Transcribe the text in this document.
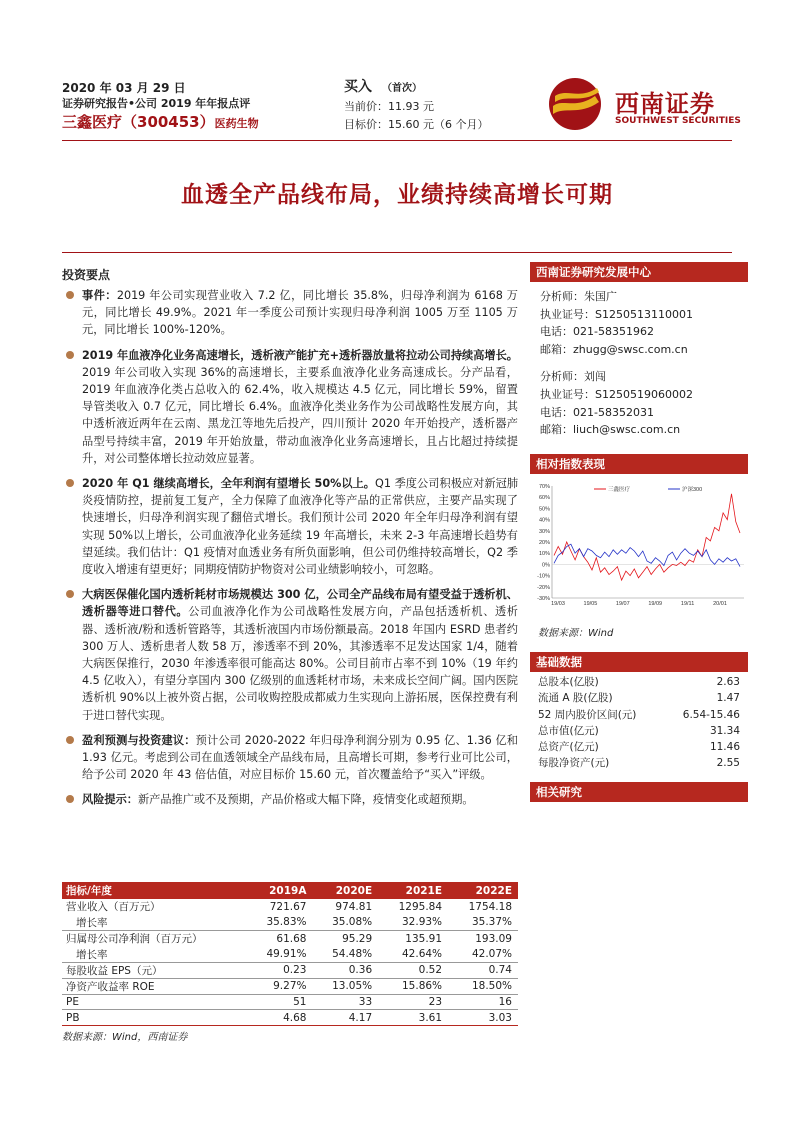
2020 年 03 月 29 日
证券研究报告•公司 2019 年年报点评
三鑫医疗（300453）医药生物
买入 （首次）
当前价：11.93 元
目标价：15.60 元（6 个月）
西南证券
SOUTHWEST SECURITIES
血透全产品线布局，业绩持续高增长可期
投资要点
事件：2019 年公司实现营业收入 7.2 亿，同比增长 35.8%，归母净利润为 6168 万元，同比增长 49.9%。2021 年一季度公司预计实现归母净利润 1005 万至 1105 万元，同比增长 100%-120%。
2019 年血液净化业务高速增长，透析液产能扩充+透析器放量将拉动公司持续高增长。2019 年公司收入实现 36%的高速增长，主要系血液净化业务高速成长。分产品看，2019 年血液净化类占总收入的 62.4%，收入规模达 4.5 亿元，同比增长 59%，留置导管类收入 0.7 亿元，同比增长 6.4%。血液净化类业务作为公司战略性发展方向，其中透析液近两年在云南、黑龙江等地先后投产，四川预计 2020 年开始投产，透析器产品型号持续丰富，2019 年开始放量，带动血液净化业务高速增长，且占比超过持续提升，对公司整体增长拉动效应显著。
2020 年 Q1 继续高增长，全年利润有望增长 50%以上。Q1 季度公司积极应对新冠肺炎疫情防控，提前复工复产，全力保障了血液净化等产品的正常供应，主要产品实现了快速增长，归母净利润实现了翻倍式增长。我们预计公司 2020 年全年归母净利润有望实现 50%以上增长，公司血液净化业务延续 19 年高增长，未来 2-3 年高速增长趋势有望延续。我们估计：Q1 疫情对血透业务有所负面影响，但公司仍维持较高增长，Q2 季度收入增速有望更好；同期疫情防护物资对公司业绩影响较小，可忽略。
大病医保催化国内透析耗材市场规模达 300 亿，公司全产品线布局有望受益于透析机、透析器等进口替代。公司血液净化作为公司战略性发展方向，产品包括透析机、透析器、透析液/粉和透析管路等，其透析液国内市场份额最高。2018 年国内 ESRD 患者约 300 万人、透析患者人数 58 万，渗透率不到 20%，其渗透率不足发达国家 1/4，随着大病医保推行，2030 年渗透率很可能高达 80%。公司目前市占率不到 10%（19 年约 4.5 亿收入），有望分享国内 300 亿级别的血透耗材市场，未来成长空间广阔。国内医院透析机 90%以上被外资占据，公司收购控股成都威力生实现向上游拓展，医保控费有利于进口替代实现。
盈利预测与投资建议：预计公司 2020-2022 年归母净利润分别为 0.95 亿、1.36 亿和 1.93 亿元。考虑到公司在血透领域全产品线布局，且高增长可期，参考行业可比公司，给予公司 2020 年 43 倍估值，对应目标价 15.60 元，首次覆盖给予“买入”评级。
风险提示：新产品推广或不及预期，产品价格或大幅下降，疫情变化或超预期。
西南证券研究发展中心
分析师：朱国广
执业证号：S1250513110001
电话：021-58351962
邮箱：zhugg@swsc.com.cn
分析师：刘闯
执业证号：S1250519060002
电话：021-58352031
邮箱：liuch@swsc.com.cn
相对指数表现
70%
60%
50%
40%
30%
20%
10%
0%
-10%
-20%
-30%
19/03	19/05	19/07	19/09	19/11	20/01
三鑫医疗	沪深300
数据来源：Wind
基础数据
总股本(亿股)	2.63
流通 A 股(亿股)	1.47
52 周内股价区间(元)	6.54-15.46
总市值(亿元)	31.34
总资产(亿元)	11.46
每股净资产(元)	2.55
相关研究
指标/年度	2019A	2020E	2021E	2022E
营业收入（百万元）	721.67	974.81	1295.84	1754.18
增长率	35.83%	35.08%	32.93%	35.37%
归属母公司净利润（百万元）	61.68	95.29	135.91	193.09
增长率	49.91%	54.48%	42.64%	42.07%
每股收益 EPS（元）	0.23	0.36	0.52	0.74
净资产收益率 ROE	9.27%	13.05%	15.86%	18.50%
PE	51	33	23	16
PB	4.68	4.17	3.61	3.03
数据来源：Wind，西南证券
